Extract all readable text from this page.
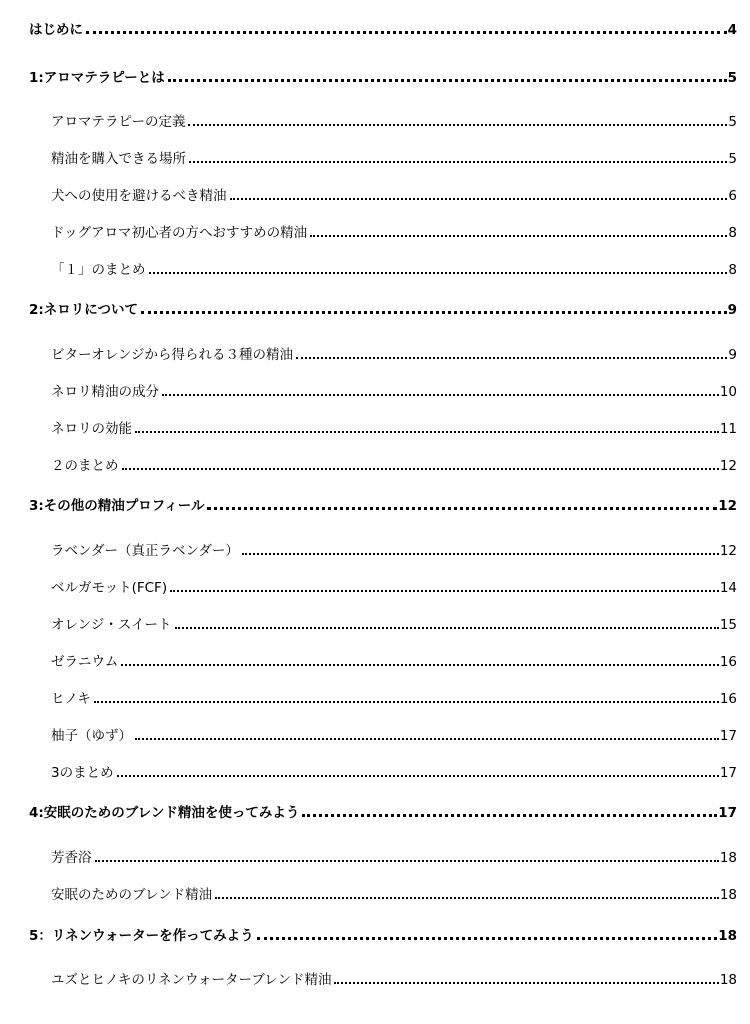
はじめに	4
1:アロマテラピーとは	5
アロマテラピーの定義	5
精油を購入できる場所	5
犬への使用を避けるべき精油	6
ドッグアロマ初心者の方へおすすめの精油	8
「１」のまとめ	8
2:ネロリについて	9
ビターオレンジから得られる３種の精油	9
ネロリ精油の成分	10
ネロリの効能	11
２のまとめ	12
3:その他の精油プロフィール	12
ラベンダー（真正ラベンダー）	12
ベルガモット(FCF)	14
オレンジ・スイート	15
ゼラニウム	16
ヒノキ	16
柚子（ゆず）	17
3のまとめ	17
4:安眠のためのブレンド精油を使ってみよう	17
芳香浴	18
安眠のためのブレンド精油	18
5：リネンウォーターを作ってみよう	18
ユズとヒノキのリネンウォーターブレンド精油	18
